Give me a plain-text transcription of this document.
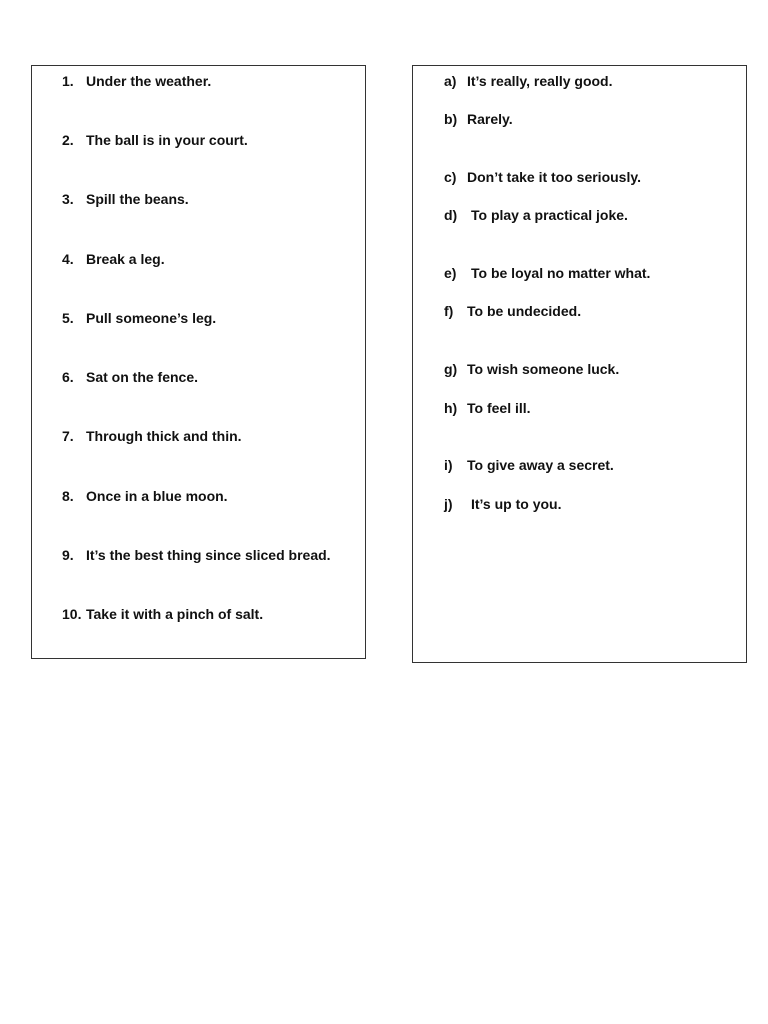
1. Under the weather.
2. The ball is in your court.
3. Spill the beans.
4. Break a leg.
5. Pull someone’s leg.
6. Sat on the fence.
7. Through thick and thin.
8. Once in a blue moon.
9. It’s the best thing since sliced bread.
10. Take it with a pinch of salt.
a) It’s really, really good.
b) Rarely.
c) Don’t take it too seriously.
d) To play a practical joke.
e) To be loyal no matter what.
f) To be undecided.
g) To wish someone luck.
h) To feel ill.
i) To give away a secret.
j) It’s up to you.
